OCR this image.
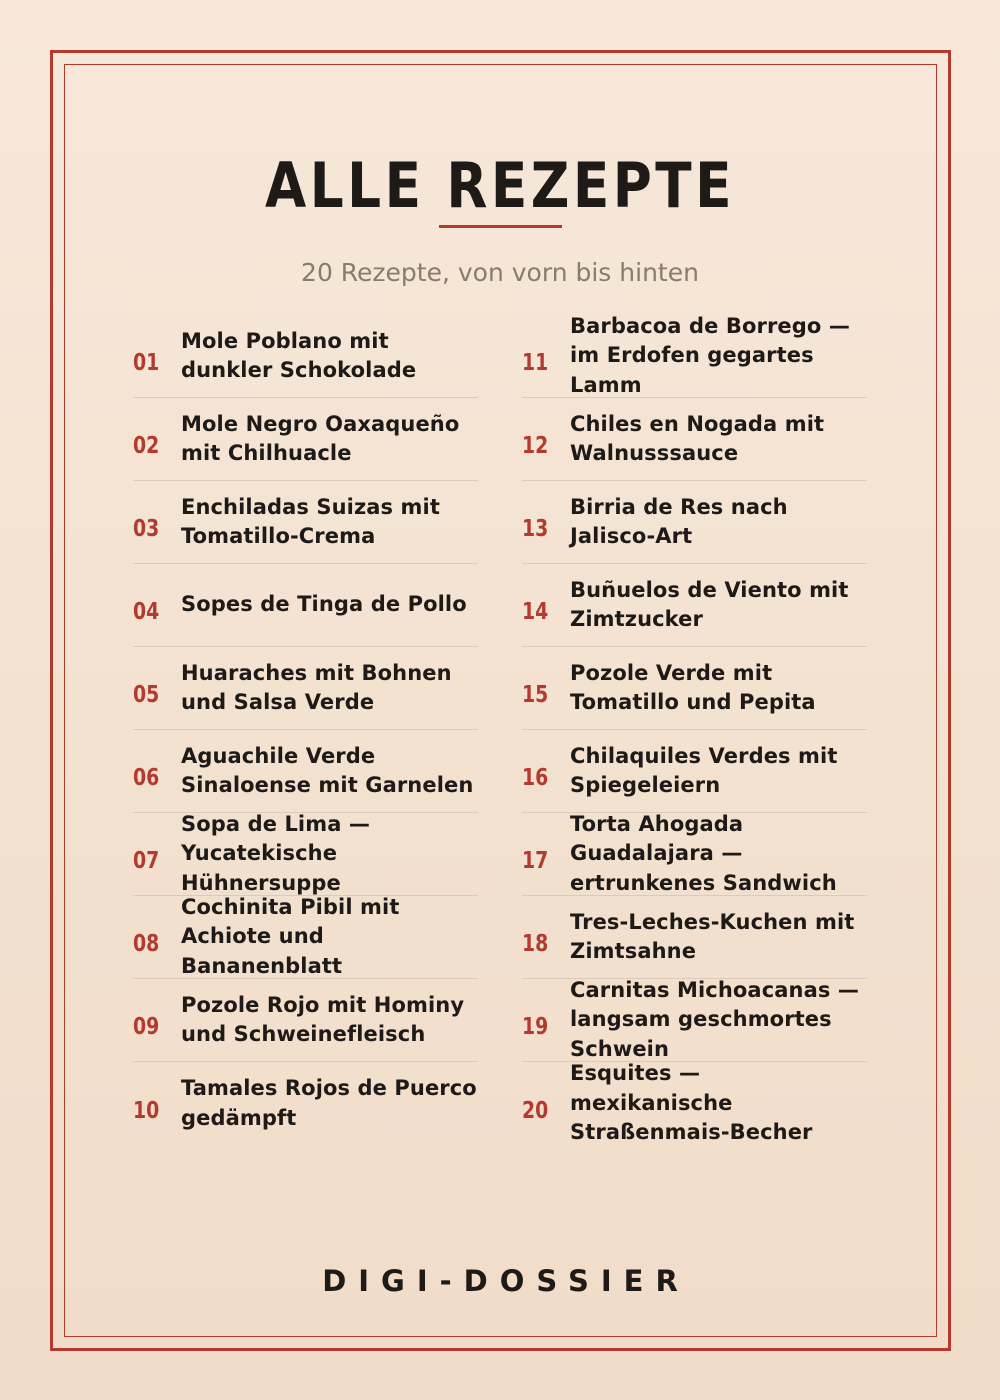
ALLE REZEPTE
20 Rezepte, von vorn bis hinten
01
Mole Poblano mit dunkler Schokolade
02
Mole Negro Oaxaqueño mit Chilhuacle
03
Enchiladas Suizas mit Tomatillo-Crema
04	Sopes de Tinga de Pollo
05
Huaraches mit Bohnen und Salsa Verde
06
Aguachile Verde Sinaloense mit Garnelen
07
Sopa de Lima — Yucatekische Hühnersuppe
08
Cochinita Pibil mit Achiote und Bananenblatt
09
Pozole Rojo mit Hominy und Schweinefleisch
10
Tamales Rojos de Puerco gedämpft
11
Barbacoa de Borrego — im Erdofen gegartes Lamm
12
Chiles en Nogada mit Walnusssauce
13
Birria de Res nach Jalisco-Art
14
Buñuelos de Viento mit Zimtzucker
15
Pozole Verde mit Tomatillo und Pepita
16
Chilaquiles Verdes mit Spiegeleiern
17
Torta Ahogada Guadalajara — ertrunkenes Sandwich
18
Tres-Leches-Kuchen mit Zimtsahne
19
Carnitas Michoacanas — langsam geschmortes Schwein
20
Esquites — mexikanische Straßenmais-Becher
DIGI-DOSSIER
